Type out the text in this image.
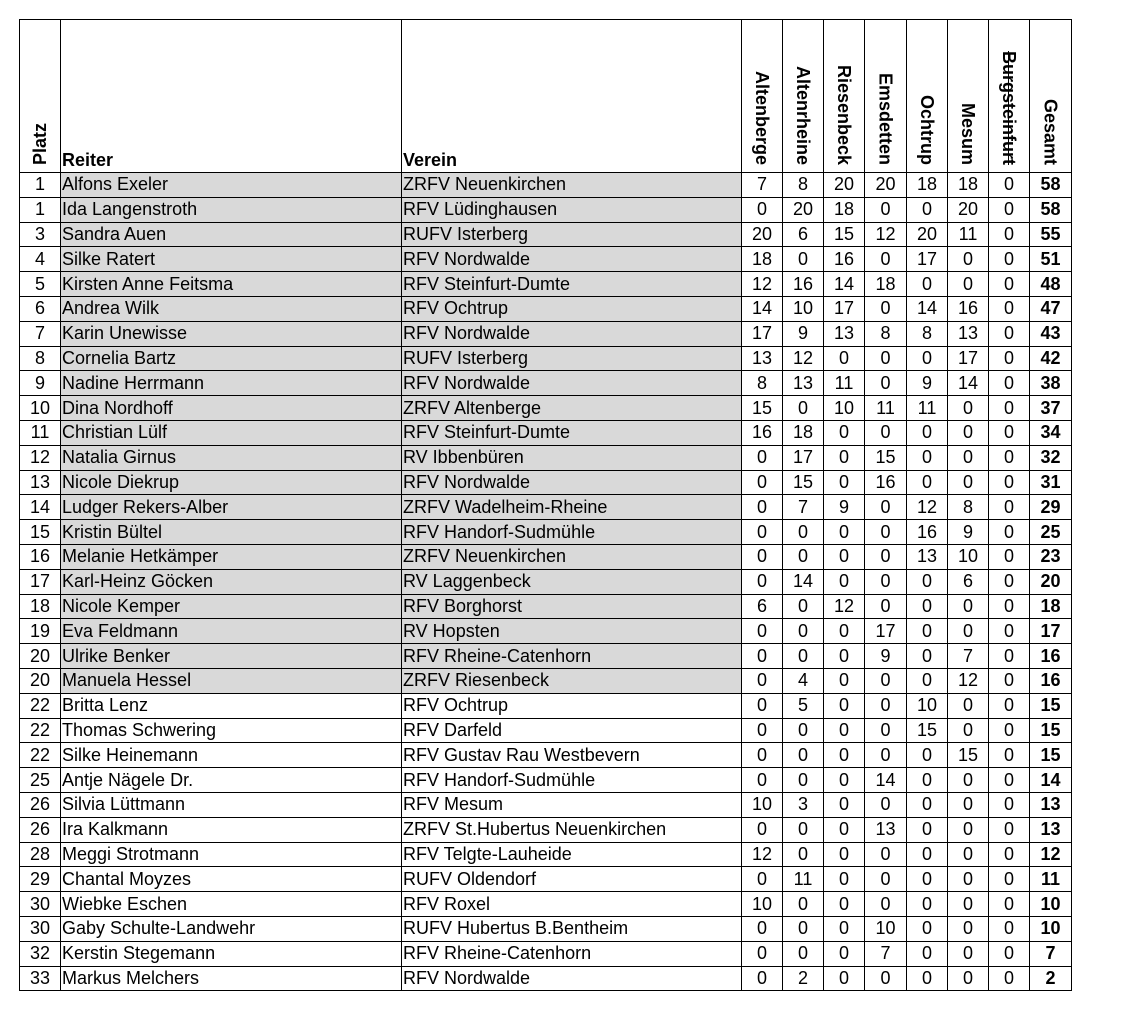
Platz	Reiter	Verein	Altenberge	Altenrheine	Riesenbeck	Emsdetten	Ochtrup	Mesum	Burgsteinfurt	Gesamt
1	Alfons Exeler	ZRFV Neuenkirchen	7	8	20	20	18	18	0	58
1	Ida Langenstroth	RFV Lüdinghausen	0	20	18	0	0	20	0	58
3	Sandra Auen	RUFV Isterberg	20	6	15	12	20	11	0	55
4	Silke Ratert	RFV Nordwalde	18	0	16	0	17	0	0	51
5	Kirsten Anne Feitsma	RFV Steinfurt-Dumte	12	16	14	18	0	0	0	48
6	Andrea Wilk	RFV Ochtrup	14	10	17	0	14	16	0	47
7	Karin Unewisse	RFV Nordwalde	17	9	13	8	8	13	0	43
8	Cornelia Bartz	RUFV Isterberg	13	12	0	0	0	17	0	42
9	Nadine Herrmann	RFV Nordwalde	8	13	11	0	9	14	0	38
10	Dina Nordhoff	ZRFV Altenberge	15	0	10	11	11	0	0	37
11	Christian Lülf	RFV Steinfurt-Dumte	16	18	0	0	0	0	0	34
12	Natalia Girnus	RV Ibbenbüren	0	17	0	15	0	0	0	32
13	Nicole Diekrup	RFV Nordwalde	0	15	0	16	0	0	0	31
14	Ludger Rekers-Alber	ZRFV Wadelheim-Rheine	0	7	9	0	12	8	0	29
15	Kristin Bültel	RFV Handorf-Sudmühle	0	0	0	0	16	9	0	25
16	Melanie Hetkämper	ZRFV Neuenkirchen	0	0	0	0	13	10	0	23
17	Karl-Heinz Göcken	RV Laggenbeck	0	14	0	0	0	6	0	20
18	Nicole Kemper	RFV Borghorst	6	0	12	0	0	0	0	18
19	Eva Feldmann	RV Hopsten	0	0	0	17	0	0	0	17
20	Ulrike Benker	RFV Rheine-Catenhorn	0	0	0	9	0	7	0	16
20	Manuela Hessel	ZRFV Riesenbeck	0	4	0	0	0	12	0	16
22	Britta Lenz	RFV Ochtrup	0	5	0	0	10	0	0	15
22	Thomas Schwering	RFV Darfeld	0	0	0	0	15	0	0	15
22	Silke Heinemann	RFV Gustav Rau Westbevern	0	0	0	0	0	15	0	15
25	Antje Nägele Dr.	RFV Handorf-Sudmühle	0	0	0	14	0	0	0	14
26	Silvia Lüttmann	RFV Mesum	10	3	0	0	0	0	0	13
26	Ira Kalkmann	ZRFV St.Hubertus Neuenkirchen	0	0	0	13	0	0	0	13
28	Meggi Strotmann	RFV Telgte-Lauheide	12	0	0	0	0	0	0	12
29	Chantal Moyzes	RUFV Oldendorf	0	11	0	0	0	0	0	11
30	Wiebke Eschen	RFV Roxel	10	0	0	0	0	0	0	10
30	Gaby Schulte-Landwehr	RUFV Hubertus B.Bentheim	0	0	0	10	0	0	0	10
32	Kerstin Stegemann	RFV Rheine-Catenhorn	0	0	0	7	0	0	0	7
33	Markus Melchers	RFV Nordwalde	0	2	0	0	0	0	0	2
